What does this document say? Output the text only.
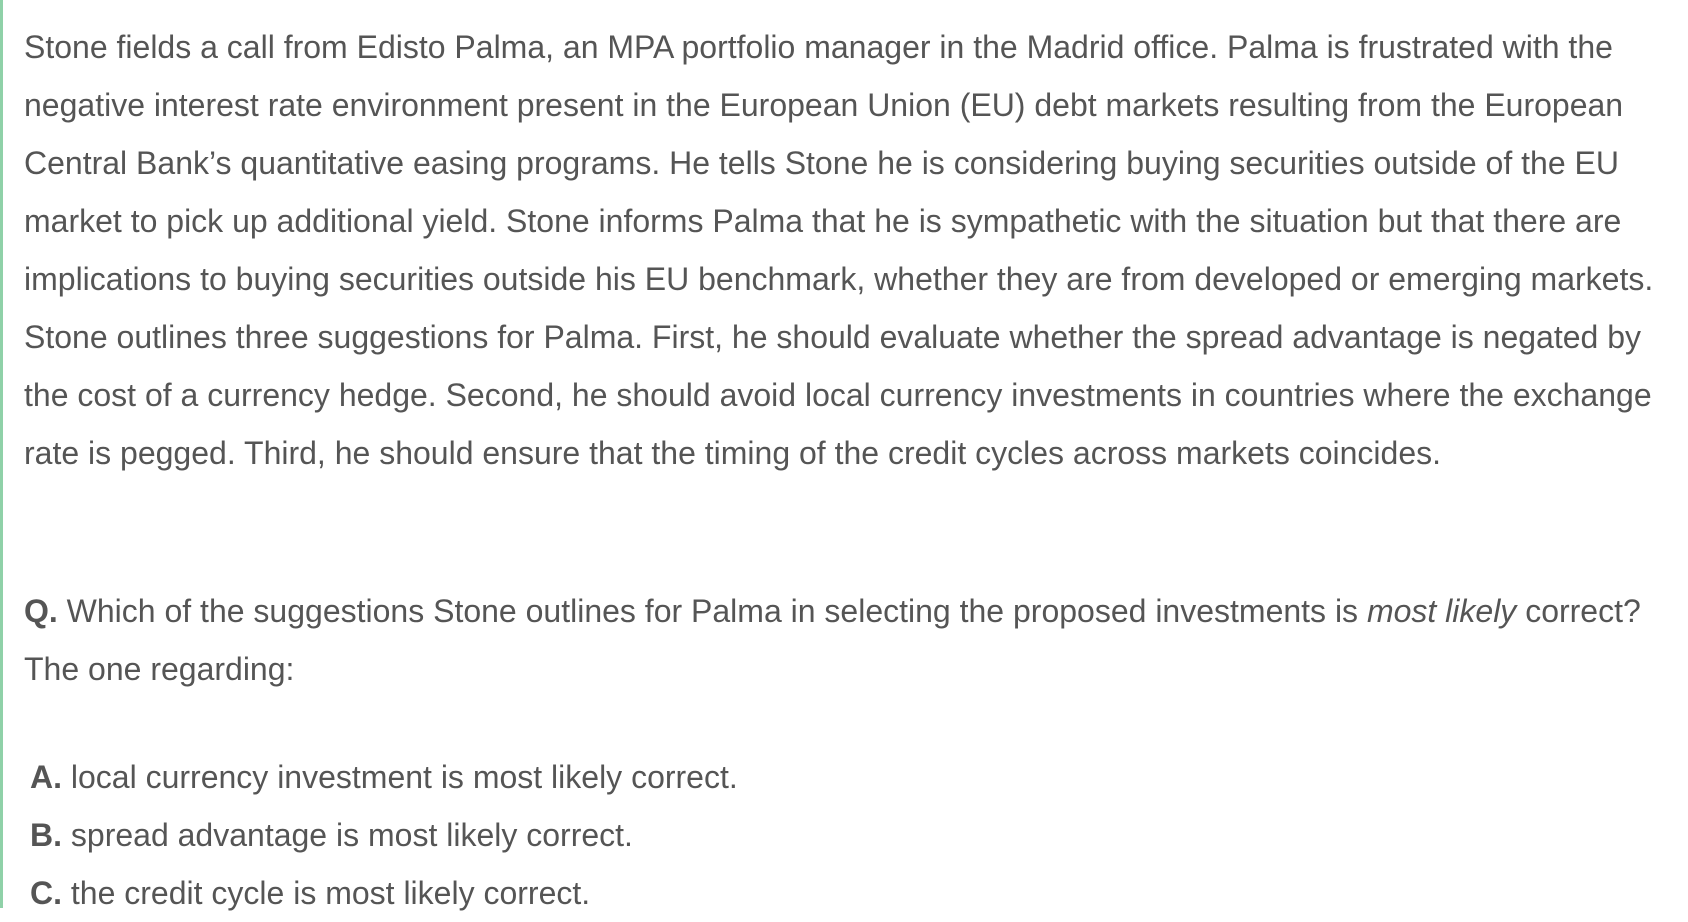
Stone fields a call from Edisto Palma, an MPA portfolio manager in the Madrid office. Palma is frustrated with the negative interest rate environment present in the European Union (EU) debt markets resulting from the European Central Bank’s quantitative easing programs. He tells Stone he is considering buying securities outside of the EU market to pick up additional yield. Stone informs Palma that he is sympathetic with the situation but that there are implications to buying securities outside his EU benchmark, whether they are from developed or emerging markets. Stone outlines three suggestions for Palma. First, he should evaluate whether the spread advantage is negated by the cost of a currency hedge. Second, he should avoid local currency investments in countries where the exchange rate is pegged. Third, he should ensure that the timing of the credit cycles across markets coincides.

Q. Which of the suggestions Stone outlines for Palma in selecting the proposed investments is most likely correct? The one regarding:
A. local currency investment is most likely correct.
B. spread advantage is most likely correct.
C. the credit cycle is most likely correct.
